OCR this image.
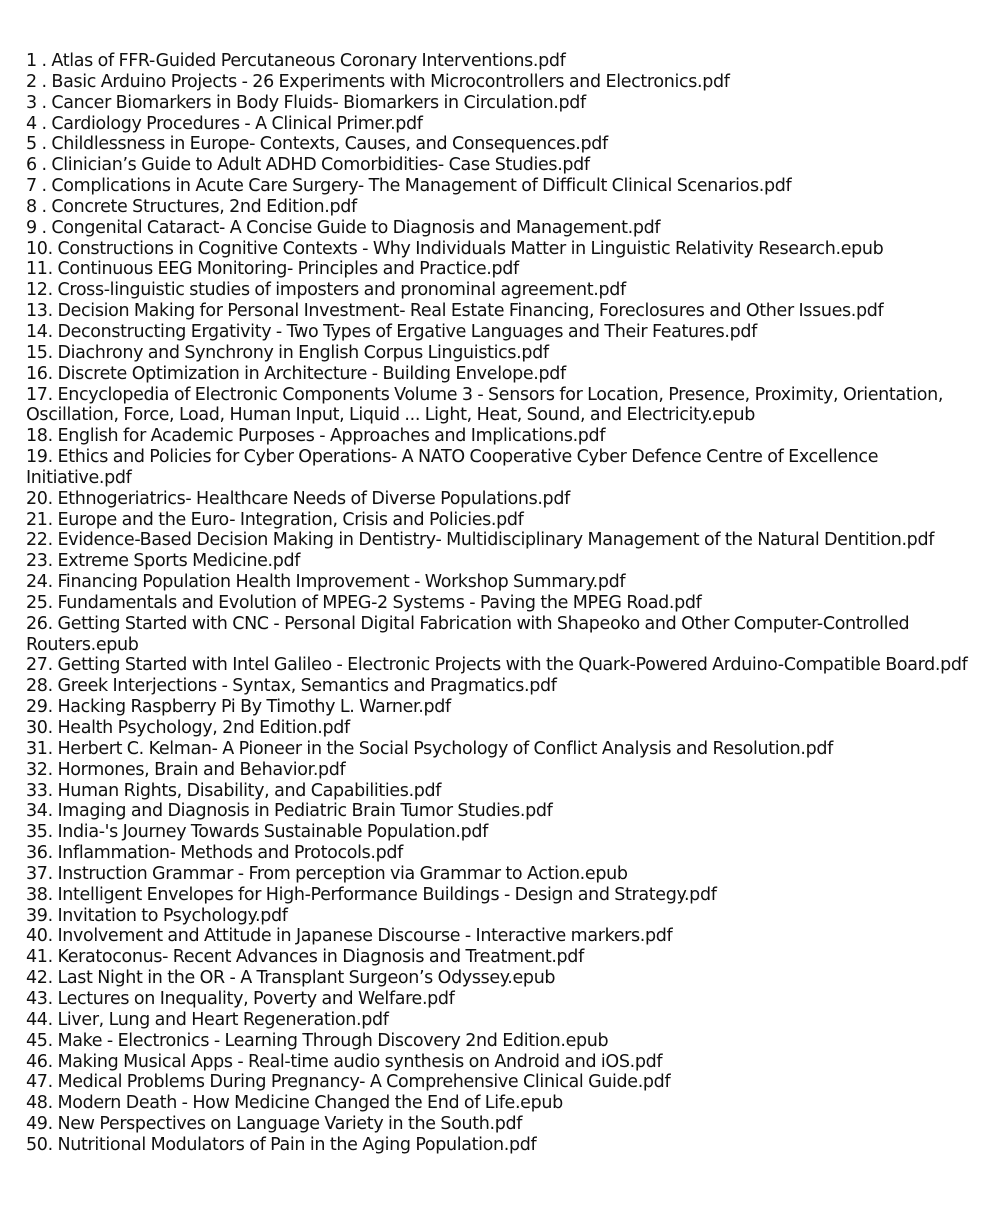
1 . Atlas of FFR-Guided Percutaneous Coronary Interventions.pdf

2 . Basic Arduino Projects - 26 Experiments with Microcontrollers and Electronics.pdf

3 . Cancer Biomarkers in Body Fluids- Biomarkers in Circulation.pdf

4 . Cardiology Procedures - A Clinical Primer.pdf

5 . Childlessness in Europe- Contexts, Causes, and Consequences.pdf

6 . Clinician’s Guide to Adult ADHD Comorbidities- Case Studies.pdf

7 . Complications in Acute Care Surgery- The Management of Difficult Clinical Scenarios.pdf

8 . Concrete Structures, 2nd Edition.pdf

9 . Congenital Cataract- A Concise Guide to Diagnosis and Management.pdf

10. Constructions in Cognitive Contexts - Why Individuals Matter in Linguistic Relativity Research.epub

11. Continuous EEG Monitoring- Principles and Practice.pdf

12. Cross-linguistic studies of imposters and pronominal agreement.pdf

13. Decision Making for Personal Investment- Real Estate Financing, Foreclosures and Other Issues.pdf

14. Deconstructing Ergativity - Two Types of Ergative Languages and Their Features.pdf

15. Diachrony and Synchrony in English Corpus Linguistics.pdf

16. Discrete Optimization in Architecture - Building Envelope.pdf

17. Encyclopedia of Electronic Components Volume 3 - Sensors for Location, Presence, Proximity, Orientation, Oscillation, Force, Load, Human Input, Liquid ... Light, Heat, Sound, and Electricity.epub

18. English for Academic Purposes - Approaches and Implications.pdf

19. Ethics and Policies for Cyber Operations- A NATO Cooperative Cyber Defence Centre of Excellence Initiative.pdf

20. Ethnogeriatrics- Healthcare Needs of Diverse Populations.pdf

21. Europe and the Euro- Integration, Crisis and Policies.pdf

22. Evidence-Based Decision Making in Dentistry- Multidisciplinary Management of the Natural Dentition.pdf

23. Extreme Sports Medicine.pdf

24. Financing Population Health Improvement - Workshop Summary.pdf

25. Fundamentals and Evolution of MPEG-2 Systems - Paving the MPEG Road.pdf

26. Getting Started with CNC - Personal Digital Fabrication with Shapeoko and Other Computer-Controlled Routers.epub

27. Getting Started with Intel Galileo - Electronic Projects with the Quark-Powered Arduino-Compatible Board.pdf

28. Greek Interjections - Syntax, Semantics and Pragmatics.pdf

29. Hacking Raspberry Pi By Timothy L. Warner.pdf

30. Health Psychology, 2nd Edition.pdf

31. Herbert C. Kelman- A Pioneer in the Social Psychology of Conflict Analysis and Resolution.pdf

32. Hormones, Brain and Behavior.pdf

33. Human Rights, Disability, and Capabilities.pdf

34. Imaging and Diagnosis in Pediatric Brain Tumor Studies.pdf

35. India-'s Journey Towards Sustainable Population.pdf

36. Inflammation- Methods and Protocols.pdf

37. Instruction Grammar - From perception via Grammar to Action.epub

38. Intelligent Envelopes for High-Performance Buildings - Design and Strategy.pdf

39. Invitation to Psychology.pdf

40. Involvement and Attitude in Japanese Discourse - Interactive markers.pdf

41. Keratoconus- Recent Advances in Diagnosis and Treatment.pdf

42. Last Night in the OR - A Transplant Surgeon’s Odyssey.epub

43. Lectures on Inequality, Poverty and Welfare.pdf

44. Liver, Lung and Heart Regeneration.pdf

45. Make - Electronics - Learning Through Discovery 2nd Edition.epub

46. Making Musical Apps - Real-time audio synthesis on Android and iOS.pdf

47. Medical Problems During Pregnancy- A Comprehensive Clinical Guide.pdf

48. Modern Death - How Medicine Changed the End of Life.epub

49. New Perspectives on Language Variety in the South.pdf

50. Nutritional Modulators of Pain in the Aging Population.pdf
